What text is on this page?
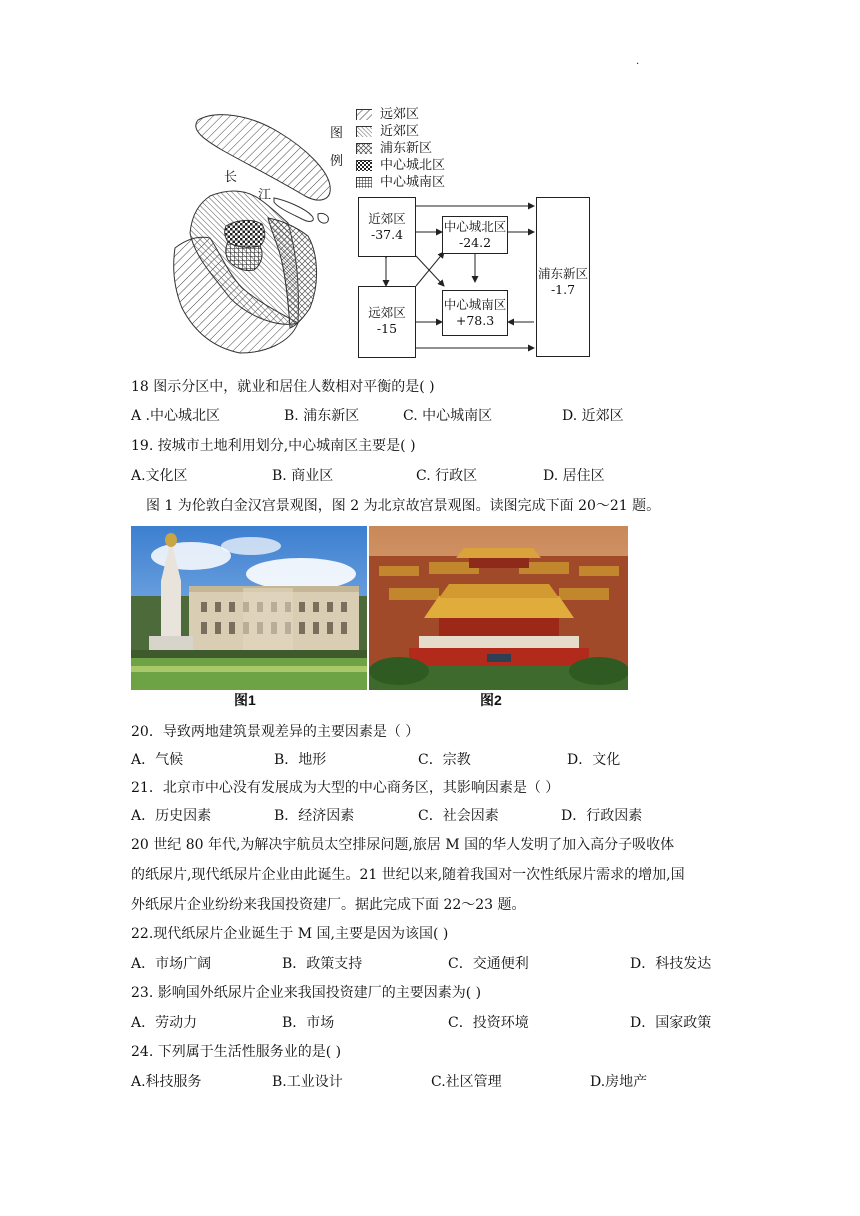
.
长
江
图
例
远郊区
近郊区
浦东新区
中心城北区
中心城南区
近郊区
-37.4
远郊区
-15
中心城北区
-24.2
中心城南区
+78.3
浦东新区
-1.7
18 图示分区中，就业和居住人数相对平衡的是( )
A .中心城北区	B. 浦东新区	C. 中心城南区	D. 近郊区
19. 按城市土地利用划分,中心城南区主要是( )
A.文化区	B. 商业区	C. 行政区	D. 居住区
图 1 为伦敦白金汉宫景观图，图 2 为北京故宫景观图。读图完成下面 20～21 题。
图1	图2
20．导致两地建筑景观差异的主要因素是（ ）
A．气候	B．地形	C．宗教	D．文化
21．北京市中心没有发展成为大型的中心商务区，其影响因素是（ ）
A．历史因素	B．经济因素	C．社会因素	D．行政因素
20 世纪 80 年代,为解决宇航员太空排尿问题,旅居 M 国的华人发明了加入高分子吸收体
的纸尿片,现代纸尿片企业由此诞生。21 世纪以来,随着我国对一次性纸尿片需求的增加,国
外纸尿片企业纷纷来我国投资建厂。据此完成下面 22～23 题。
22.现代纸尿片企业诞生于 M 国,主要是因为该国( )
A．市场广阔	B．政策支持	C．交通便利	D．科技发达
23. 影响国外纸尿片企业来我国投资建厂的主要因素为( )
A．劳动力	B．市场	C．投资环境	D．国家政策
24. 下列属于生活性服务业的是( )
A.科技服务	B.工业设计	C.社区管理	D.房地产
